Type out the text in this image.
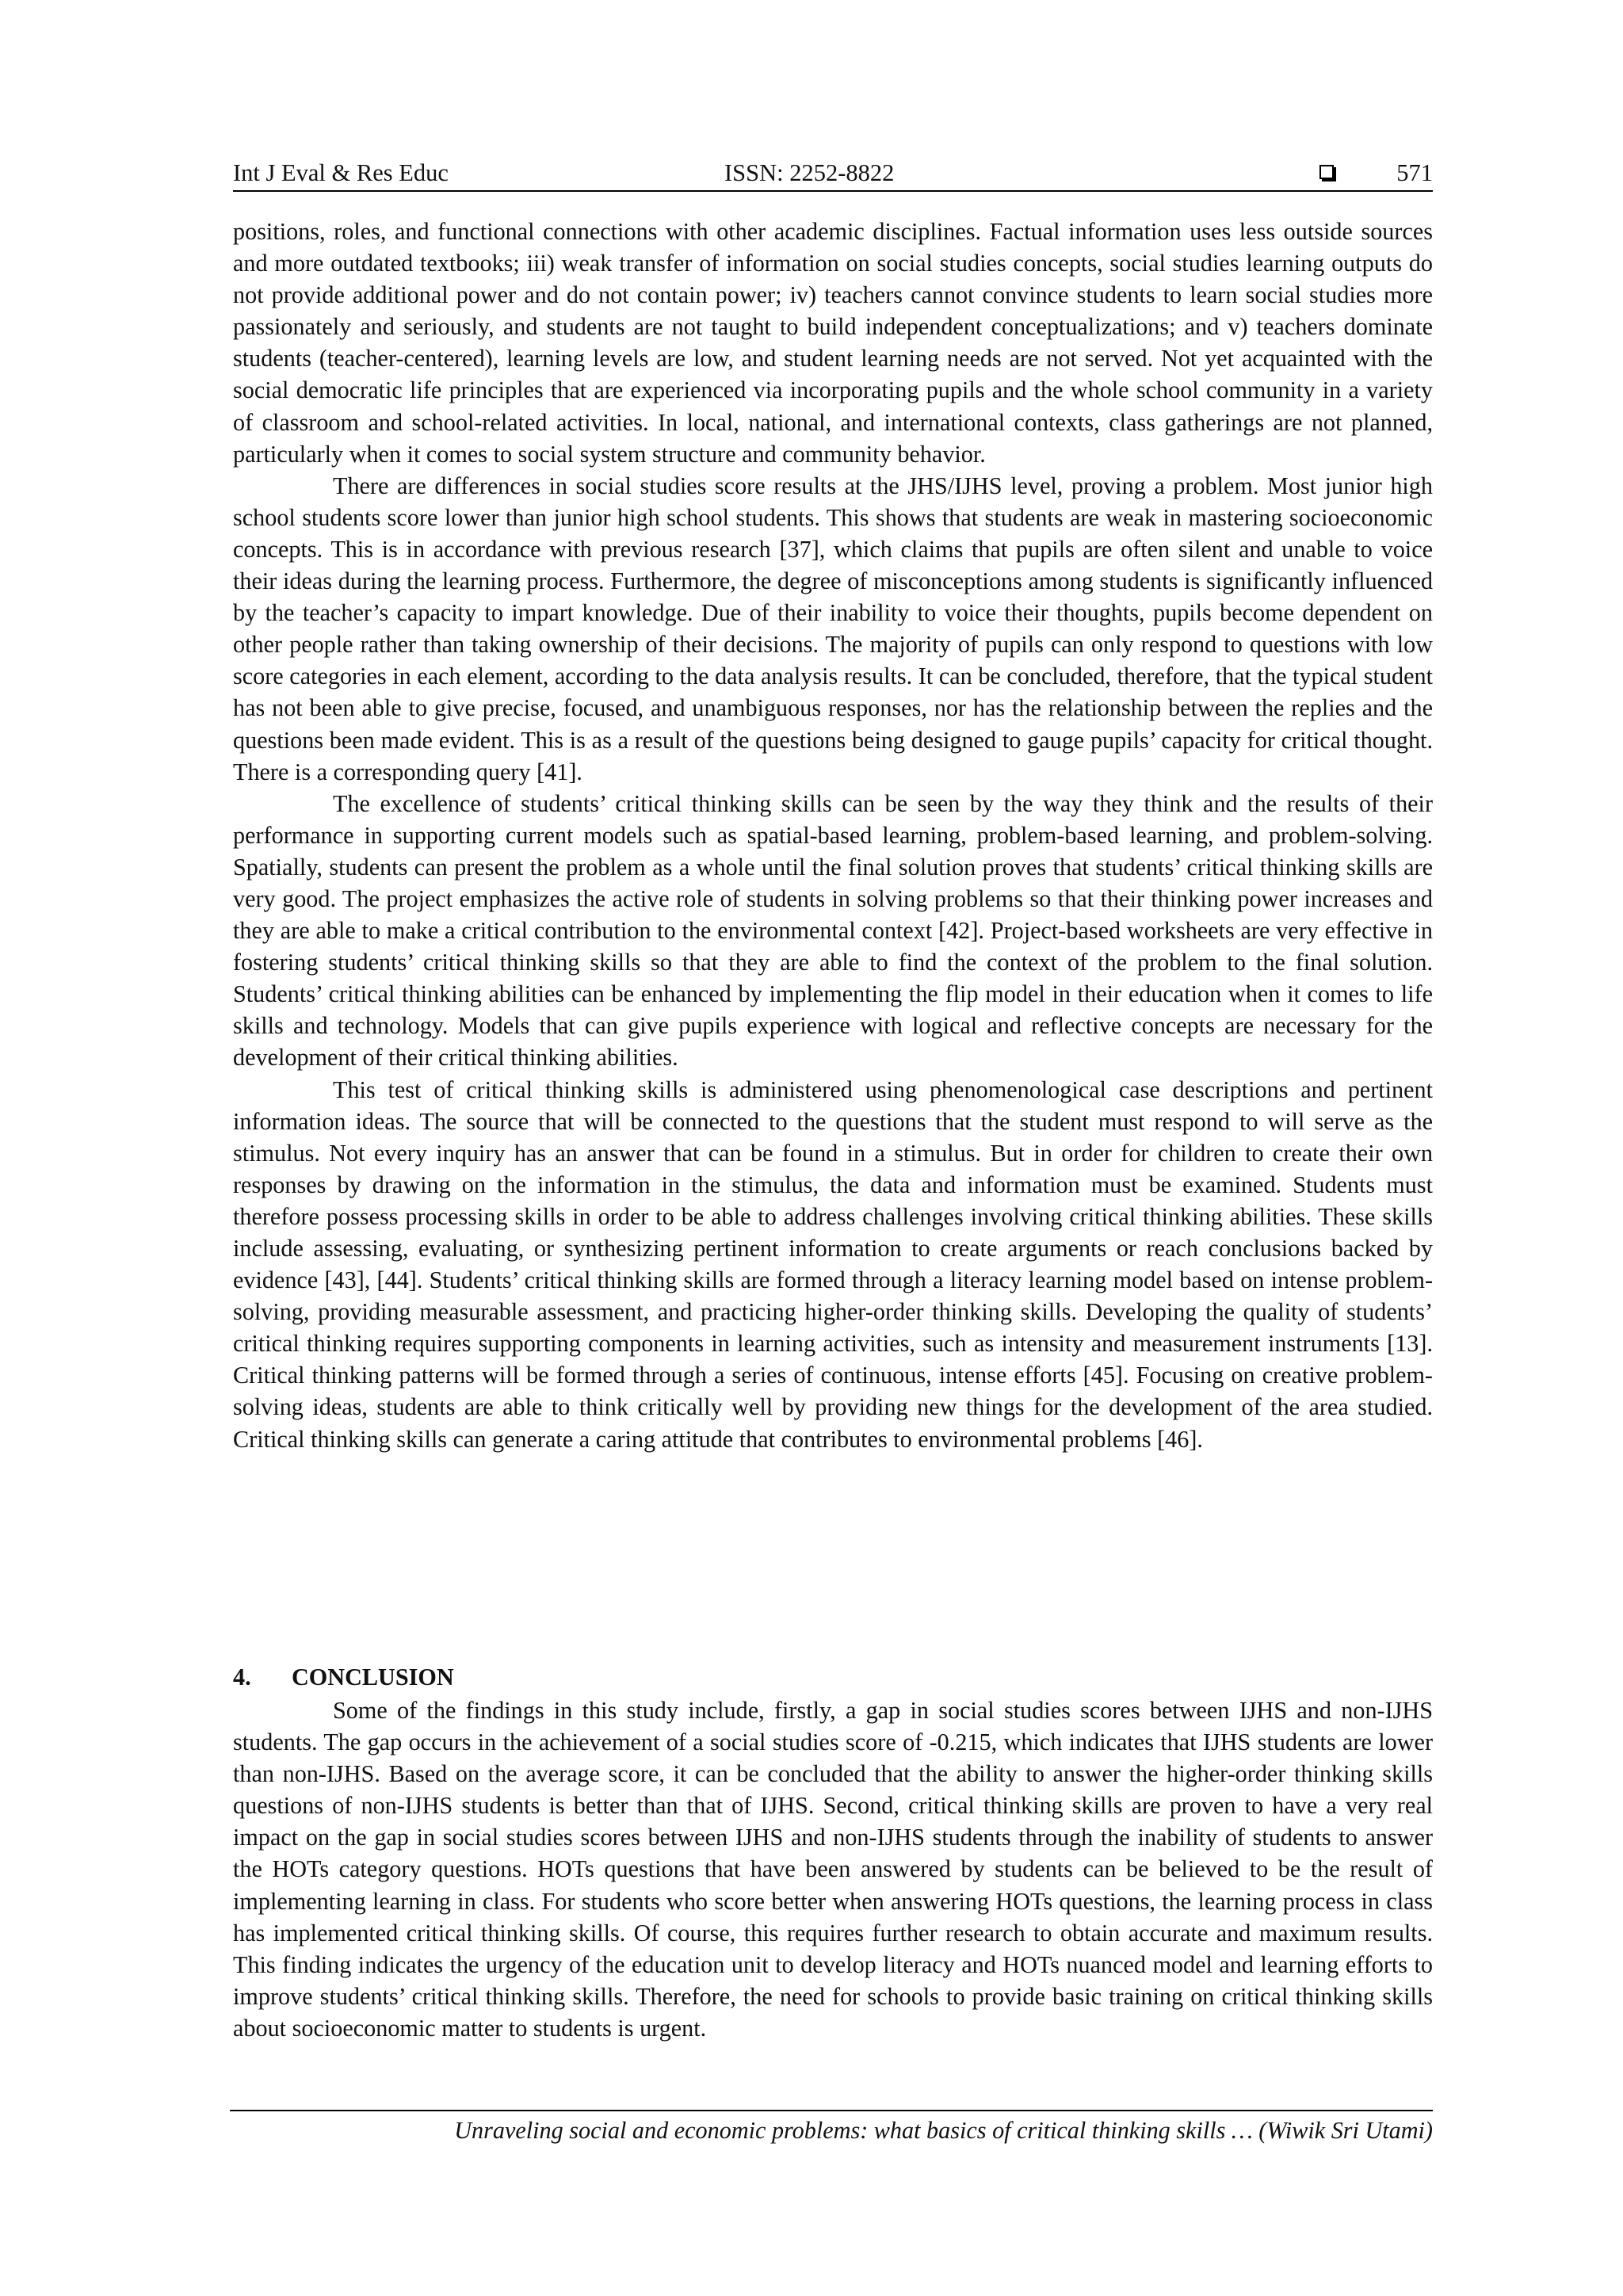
Int J Eval & Res Educ	ISSN: 2252-8822	571

positions, roles, and functional connections with other academic disciplines. Factual information uses less outside sources and more outdated textbooks; iii) weak transfer of information on social studies concepts, social studies learning outputs do not provide additional power and do not contain power; iv) teachers cannot convince students to learn social studies more passionately and seriously, and students are not taught to build independent conceptualizations; and v) teachers dominate students (teacher-centered), learning levels are low, and student learning needs are not served. Not yet acquainted with the social democratic life principles that are experienced via incorporating pupils and the whole school community in a variety of classroom and school-related activities. In local, national, and international contexts, class gatherings are not planned, particularly when it comes to social system structure and community behavior.

There are differences in social studies score results at the JHS/IJHS level, proving a problem. Most junior high school students score lower than junior high school students. This shows that students are weak in mastering socioeconomic concepts. This is in accordance with previous research [37], which claims that pupils are often silent and unable to voice their ideas during the learning process. Furthermore, the degree of misconceptions among students is significantly influenced by the teacher’s capacity to impart knowledge. Due of their inability to voice their thoughts, pupils become dependent on other people rather than taking ownership of their decisions. The majority of pupils can only respond to questions with low score categories in each element, according to the data analysis results. It can be concluded, therefore, that the typical student has not been able to give precise, focused, and unambiguous responses, nor has the relationship between the replies and the questions been made evident. This is as a result of the questions being designed to gauge pupils’ capacity for critical thought. There is a corresponding query [41].

The excellence of students’ critical thinking skills can be seen by the way they think and the results of their performance in supporting current models such as spatial-based learning, problem-based learning, and problem-solving. Spatially, students can present the problem as a whole until the final solution proves that students’ critical thinking skills are very good. The project emphasizes the active role of students in solving problems so that their thinking power increases and they are able to make a critical contribution to the environmental context [42]. Project-based worksheets are very effective in fostering students’ critical thinking skills so that they are able to find the context of the problem to the final solution. Students’ critical thinking abilities can be enhanced by implementing the flip model in their education when it comes to life skills and technology. Models that can give pupils experience with logical and reflective concepts are necessary for the development of their critical thinking abilities.

This test of critical thinking skills is administered using phenomenological case descriptions and pertinent information ideas. The source that will be connected to the questions that the student must respond to will serve as the stimulus. Not every inquiry has an answer that can be found in a stimulus. But in order for children to create their own responses by drawing on the information in the stimulus, the data and information must be examined. Students must therefore possess processing skills in order to be able to address challenges involving critical thinking abilities. These skills include assessing, evaluating, or synthesizing pertinent information to create arguments or reach conclusions backed by evidence [43], [44]. Students’ critical thinking skills are formed through a literacy learning model based on intense problem-solving, providing measurable assessment, and practicing higher-order thinking skills. Developing the quality of students’ critical thinking requires supporting components in learning activities, such as intensity and measurement instruments [13]. Critical thinking patterns will be formed through a series of continuous, intense efforts [45]. Focusing on creative problem-solving ideas, students are able to think critically well by providing new things for the development of the area studied. Critical thinking skills can generate a caring attitude that contributes to environmental problems [46].

4. CONCLUSION

Some of the findings in this study include, firstly, a gap in social studies scores between IJHS and non-IJHS students. The gap occurs in the achievement of a social studies score of -0.215, which indicates that IJHS students are lower than non-IJHS. Based on the average score, it can be concluded that the ability to answer the higher-order thinking skills questions of non-IJHS students is better than that of IJHS. Second, critical thinking skills are proven to have a very real impact on the gap in social studies scores between IJHS and non-IJHS students through the inability of students to answer the HOTs category questions. HOTs questions that have been answered by students can be believed to be the result of implementing learning in class. For students who score better when answering HOTs questions, the learning process in class has implemented critical thinking skills. Of course, this requires further research to obtain accurate and maximum results. This finding indicates the urgency of the education unit to develop literacy and HOTs nuanced model and learning efforts to improve students’ critical thinking skills. Therefore, the need for schools to provide basic training on critical thinking skills about socioeconomic matter to students is urgent.

Unraveling social and economic problems: what basics of critical thinking skills … (Wiwik Sri Utami)
